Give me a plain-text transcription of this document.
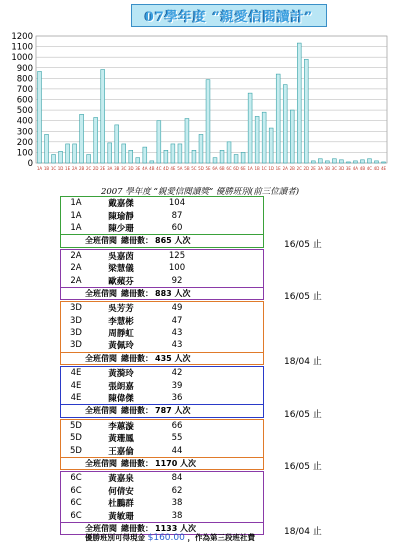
07學年度 “親愛信閱讀計”
0
100
200
300
400
500
600
700
800
900
1000
1100
1200
1A 1B 1C 1D 1E 2A 2B 2C 2D 2E 3A 3B 3C 3D 3E 4A 4B 4C 4D 4E 5A 5B 5C 5D 5E 6A 6B 6C 6D 6E 1A 1B 1C 1D 1E 2A 2B 2C 2D 2E 3A 3B 3C 3D 3E 4A 4B 4C 4D 4E
2007 學年度 “親愛信閱讀獎” 優勝班別(前三位讀者)
1A	戴嘉傑	104
1A	陳瑜靜	87
1A	陳少珊	60
全班借閱 總冊數： 865 人次	16/05 止
2A	吳嘉茵	125
2A	梁慧儀	100
2A	歐蘋芬	92
全班借閱 總冊數： 883 人次	16/05 止
3D	吳芳芳	49
3D	李慧彬	47
3D	周靜虹	43
3D	黃佩玲	43
全班借閱 總冊數： 435 人次	18/04 止
4E	黃漪玲	42
4E	張朗嘉	39
4E	陳偉傑	36
全班借閱 總冊數： 787 人次	16/05 止
5D	李蕙漩	66
5D	黃珊鳳	55
5D	王嘉倫	44
全班借閱 總冊數： 1170 人次	16/05 止
6C	黃嘉泉	84
6C	何倩安	62
6C	杜鵬群	38
6C	黃敏珊	38
全班借閱 總冊數： 1133 人次	18/04 止
優勝班別可得現金 $160.00 ，作為第三段班社費
